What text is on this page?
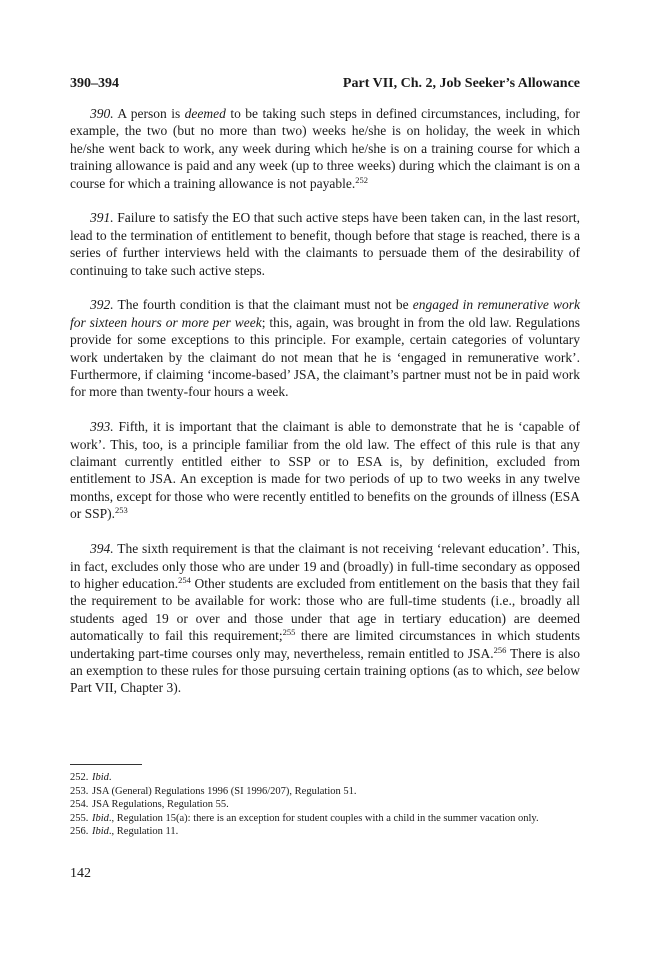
390–394	Part VII, Ch. 2, Job Seeker’s Allowance

390. A person is deemed to be taking such steps in defined circumstances, including, for example, the two (but no more than two) weeks he/she is on holiday, the week in which he/she went back to work, any week during which he/she is on a training course for which a training allowance is paid and any week (up to three weeks) during which the claimant is on a course for which a training allowance is not payable.$^{252}$

391. Failure to satisfy the EO that such active steps have been taken can, in the last resort, lead to the termination of entitlement to benefit, though before that stage is reached, there is a series of further interviews held with the claimants to persuade them of the desirability of continuing to take such active steps.

392. The fourth condition is that the claimant must not be engaged in remunerative work for sixteen hours or more per week; this, again, was brought in from the old law. Regulations provide for some exceptions to this principle. For example, certain categories of voluntary work undertaken by the claimant do not mean that he is ‘engaged in remunerative work’. Furthermore, if claiming ‘income-based’ JSA, the claimant’s partner must not be in paid work for more than twenty-four hours a week.

393. Fifth, it is important that the claimant is able to demonstrate that he is ‘capable of work’. This, too, is a principle familiar from the old law. The effect of this rule is that any claimant currently entitled either to SSP or to ESA is, by definition, excluded from entitlement to JSA. An exception is made for two periods of up to two weeks in any twelve months, except for those who were recently entitled to benefits on the grounds of illness (ESA or SSP).$^{253}$

394. The sixth requirement is that the claimant is not receiving ‘relevant education’. This, in fact, excludes only those who are under 19 and (broadly) in full-time secondary as opposed to higher education.$^{254}$ Other students are excluded from entitlement on the basis that they fail the requirement to be available for work: those who are full-time students (i.e., broadly all students aged 19 or over and those under that age in tertiary education) are deemed automatically to fail this requirement;$^{255}$ there are limited circumstances in which students undertaking part-time courses only may, nevertheless, remain entitled to JSA.$^{256}$ There is also an exemption to these rules for those pursuing certain training options (as to which, see below Part VII, Chapter 3).

252. Ibid.
253. JSA (General) Regulations 1996 (SI 1996/207), Regulation 51.
254. JSA Regulations, Regulation 55.
255. Ibid., Regulation 15(a): there is an exception for student couples with a child in the summer vacation only.
256. Ibid., Regulation 11.
142
